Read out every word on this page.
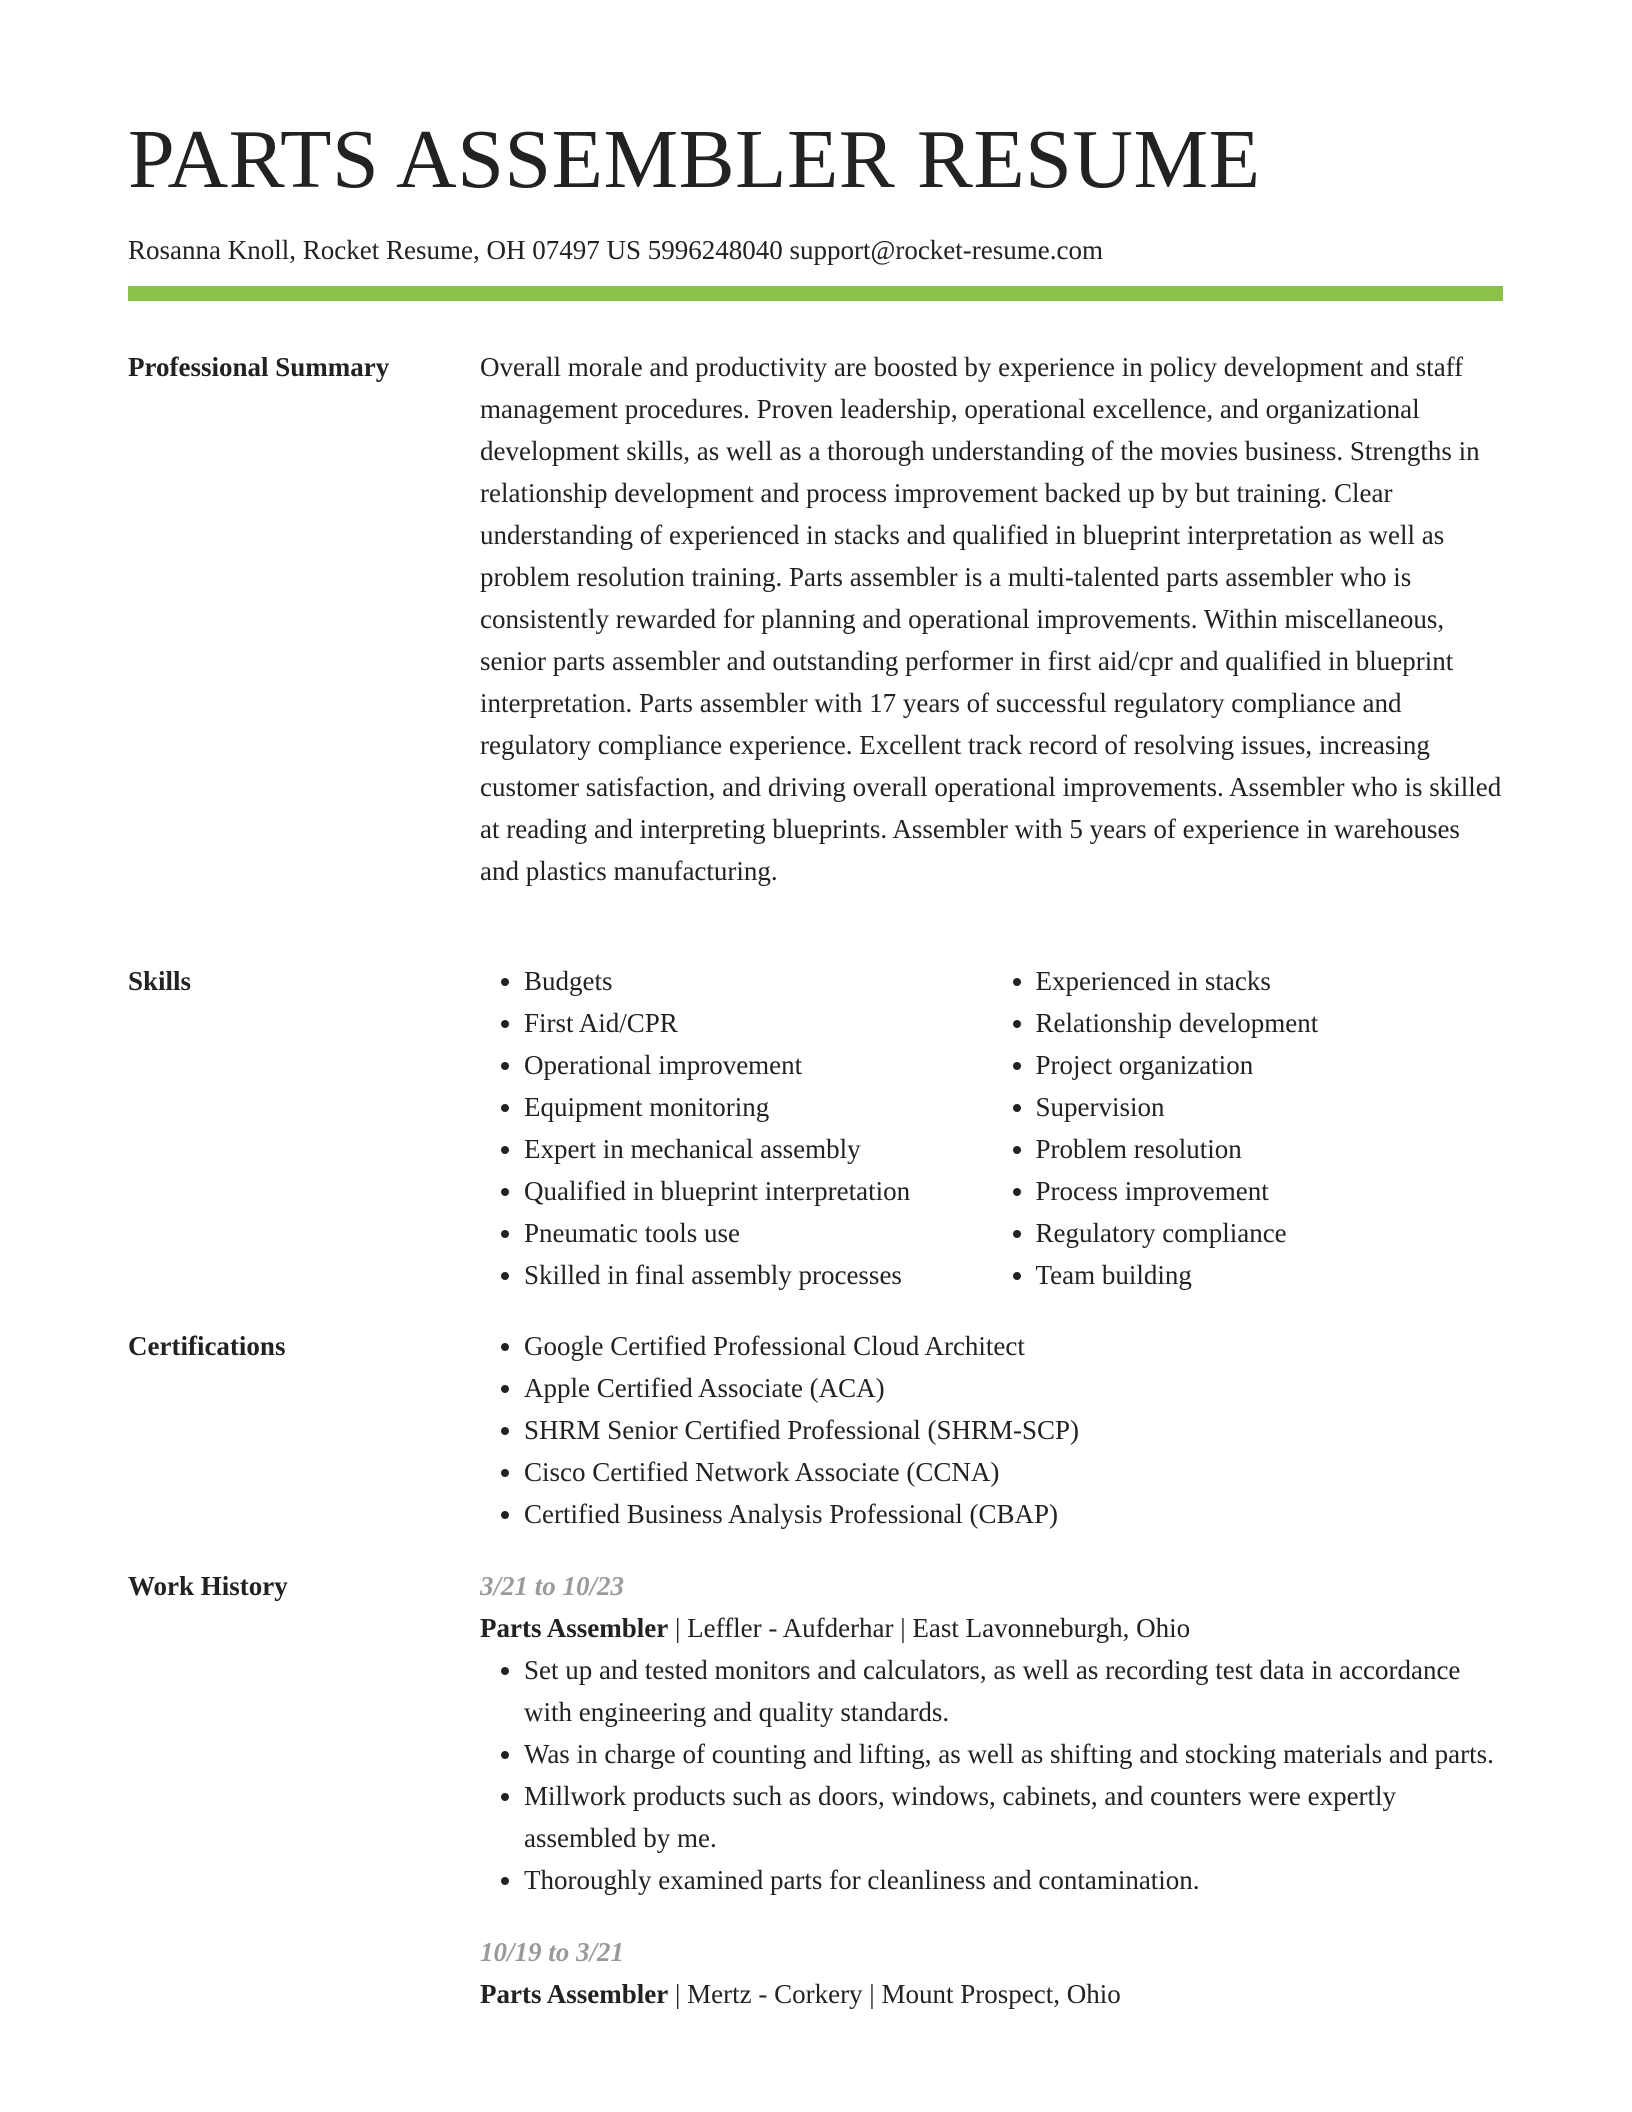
PARTS ASSEMBLER RESUME
Rosanna Knoll, Rocket Resume, OH 07497 US 5996248040 support@rocket-resume.com
Professional Summary	Overall morale and productivity are boosted by experience in policy development and staff management procedures. Proven leadership, operational excellence, and organizational development skills, as well as a thorough understanding of the movies business. Strengths in relationship development and process improvement backed up by but training. Clear understanding of experienced in stacks and qualified in blueprint interpretation as well as problem resolution training. Parts assembler is a multi-talented parts assembler who is consistently rewarded for planning and operational improvements. Within miscellaneous, senior parts assembler and outstanding performer in first aid/cpr and qualified in blueprint interpretation. Parts assembler with 17 years of successful regulatory compliance and regulatory compliance experience. Excellent track record of resolving issues, increasing customer satisfaction, and driving overall operational improvements. Assembler who is skilled at reading and interpreting blueprints. Assembler with 5 years of experience in warehouses and plastics manufacturing.

Skills	• Budgets
• First Aid/CPR
• Operational improvement
• Equipment monitoring
• Expert in mechanical assembly
• Qualified in blueprint interpretation
• Pneumatic tools use
• Skilled in final assembly processes
• Experienced in stacks
• Relationship development
• Project organization
• Supervision
• Problem resolution
• Process improvement
• Regulatory compliance
• Team building
Certifications	• Google Certified Professional Cloud Architect
• Apple Certified Associate (ACA)
• SHRM Senior Certified Professional (SHRM-SCP)
• Cisco Certified Network Associate (CCNA)
• Certified Business Analysis Professional (CBAP)
Work History	3/21 to 10/23
Parts Assembler | Leffler - Aufderhar | East Lavonneburgh, Ohio
• Set up and tested monitors and calculators, as well as recording test data in accordance with engineering and quality standards.
• Was in charge of counting and lifting, as well as shifting and stocking materials and parts.
• Millwork products such as doors, windows, cabinets, and counters were expertly assembled by me.
• Thoroughly examined parts for cleanliness and contamination.
10/19 to 3/21
Parts Assembler | Mertz - Corkery | Mount Prospect, Ohio
